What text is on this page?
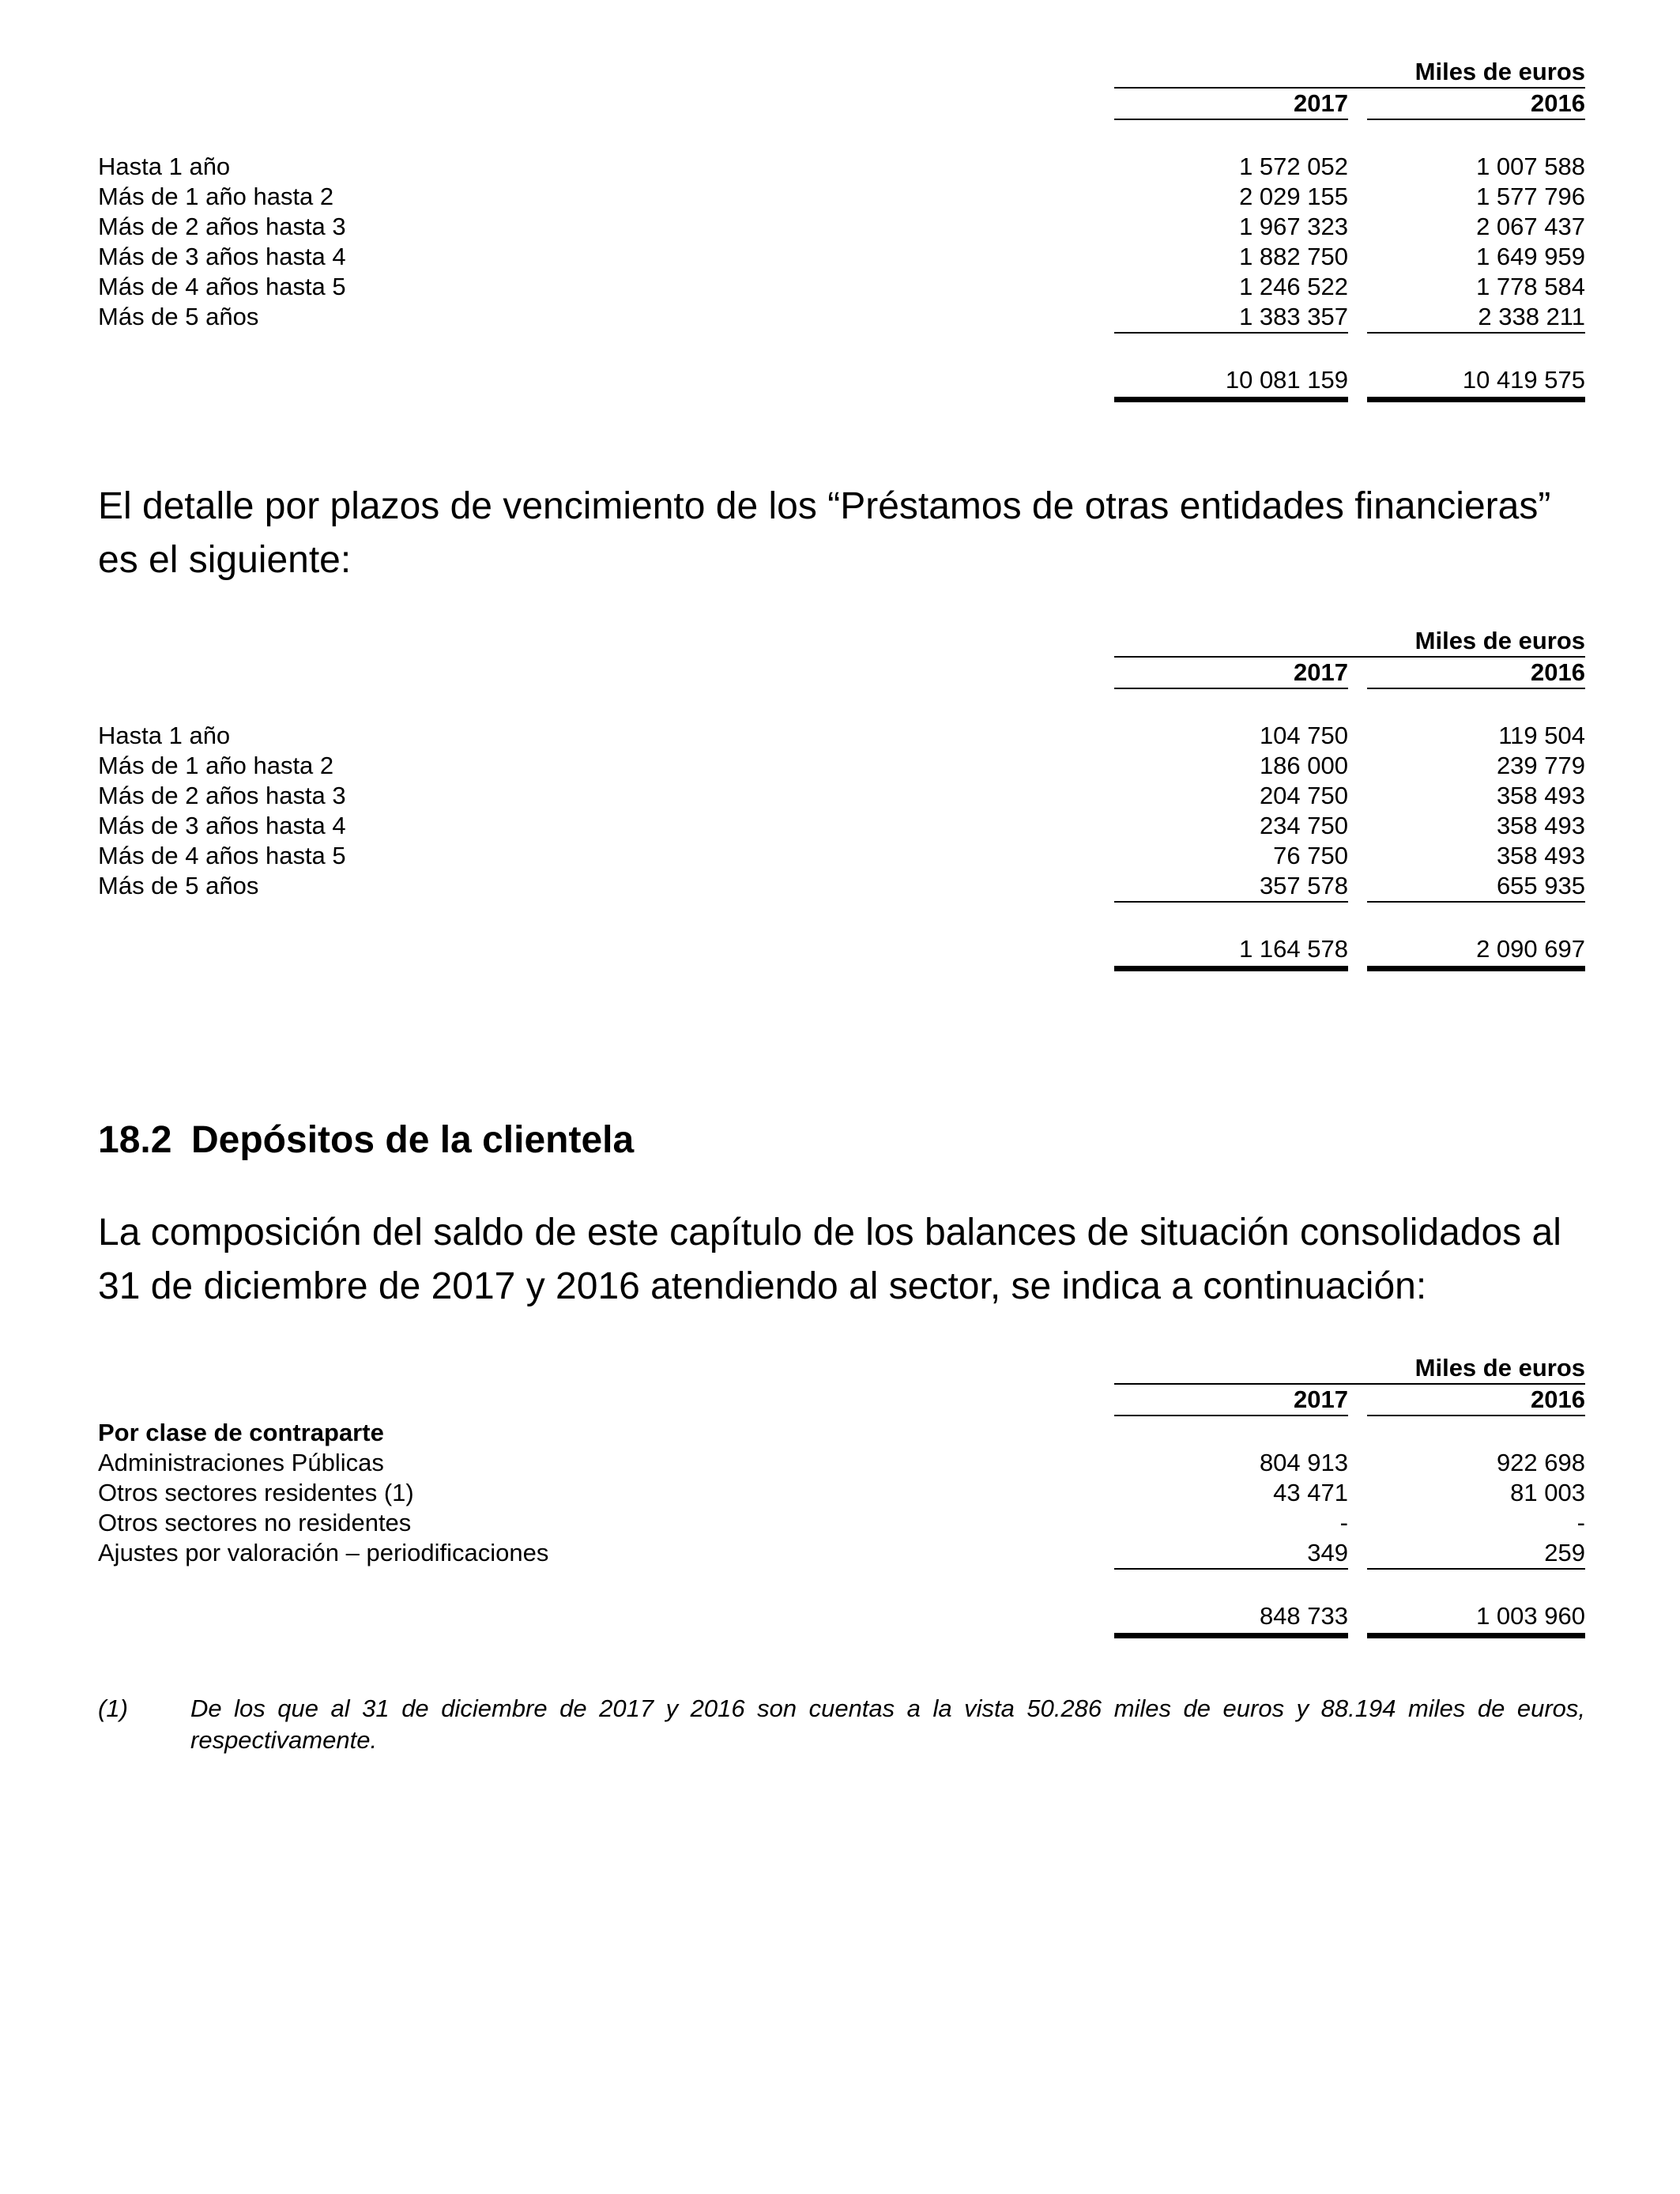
Miles de euros
2017	2016
Hasta 1 año	1 572 052	1 007 588
Más de 1 año hasta 2	2 029 155	1 577 796
Más de 2 años hasta 3	1 967 323	2 067 437
Más de 3 años hasta 4	1 882 750	1 649 959
Más de 4 años hasta 5	1 246 522	1 778 584
Más de 5 años	1 383 357	2 338 211
10 081 159	10 419 575
El detalle por plazos de vencimiento de los “Préstamos de otras entidades financieras” es el siguiente:
Miles de euros
2017	2016
Hasta 1 año	104 750	119 504
Más de 1 año hasta 2	186 000	239 779
Más de 2 años hasta 3	204 750	358 493
Más de 3 años hasta 4	234 750	358 493
Más de 4 años hasta 5	76 750	358 493
Más de 5 años	357 578	655 935
1 164 578	2 090 697
18.2 Depósitos de la clientela
La composición del saldo de este capítulo de los balances de situación consolidados al 31 de diciembre de 2017 y 2016 atendiendo al sector, se indica a continuación:
Miles de euros
2017	2016
Por clase de contraparte
Administraciones Públicas	804 913	922 698
Otros sectores residentes (1)	43 471	81 003
Otros sectores no residentes	-	-
Ajustes por valoración – periodificaciones	349	259
848 733	1 003 960
(1)	De los que al 31 de diciembre de 2017 y 2016 son cuentas a la vista 50.286 miles de euros y 88.194 miles de euros, respectivamente.
